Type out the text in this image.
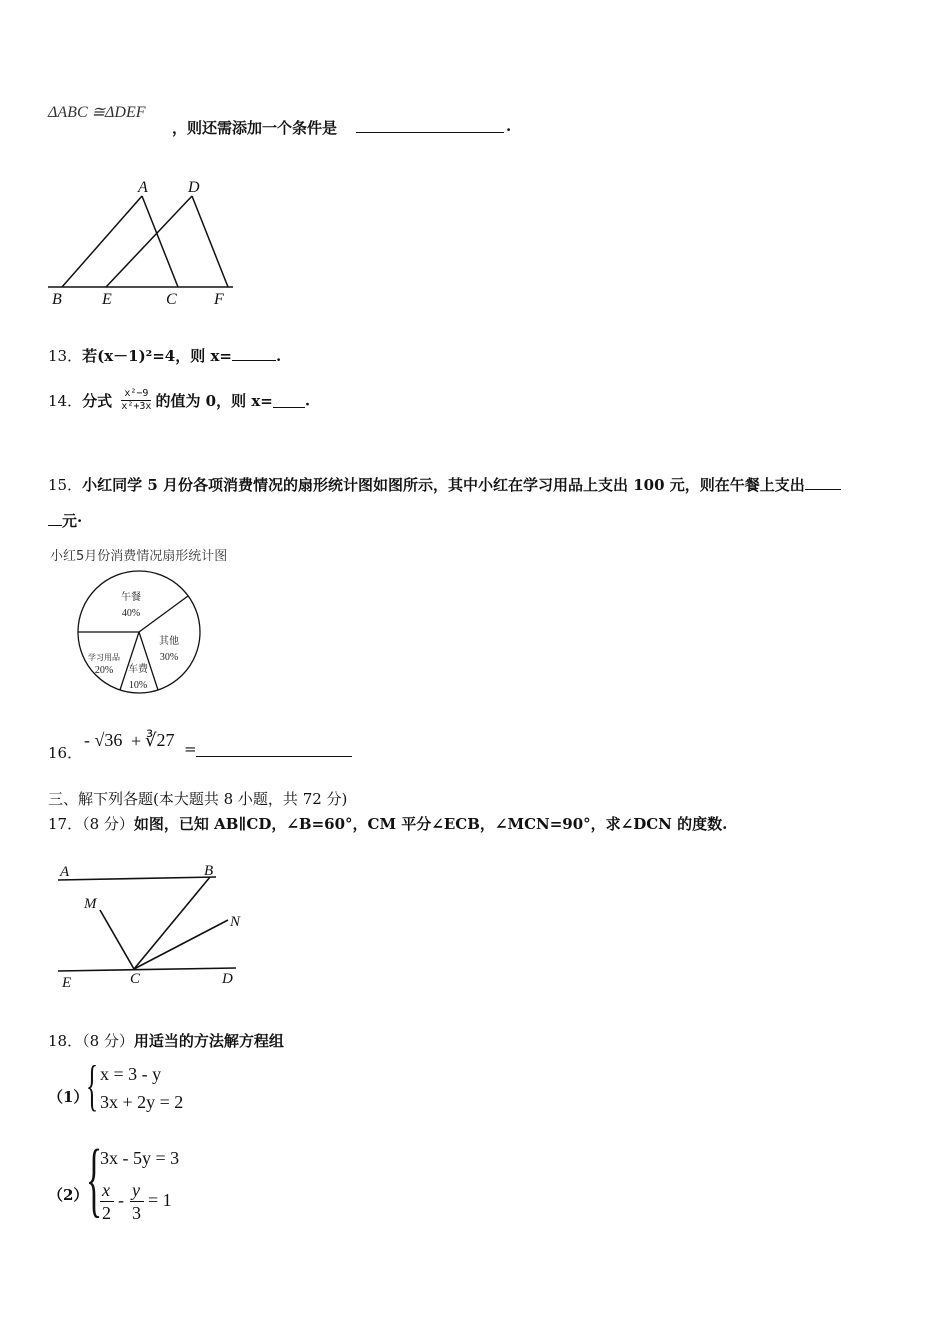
ΔABC ≅ΔDEF
，则还需添加一个条件是	.
A	D
B	E	C F
13．若(x－1)²=4，则 x=	.
14．分式 $\frac{\text{x²−9}}{\text{x²+3x}}$ 的值为 0，则 x= .
15．小红同学 5 月份各项消费情况的扇形统计图如图所示，其中小红在学习用品上支出 100 元，则在午餐上支出
元·
小红5月份消费情况扇形统计图
午餐
40%
其他
30%
车费
10%
学习用品
20%
16．
- √36 + ∛27 =
三、解下列各题(本大题共 8 小题，共 72 分)
17．（8 分）如图，已知 AB∥CD，∠B=60°，CM 平分∠ECB，∠MCN=90°，求∠DCN 的度数.
A	B
M
N
E	C	D
18．（8 分）用适当的方法解方程组
（1）
{ x = 3 - y
3x + 2y = 2
（2）
{
3x - 5y = 3
x
2
- y
3
= 1
